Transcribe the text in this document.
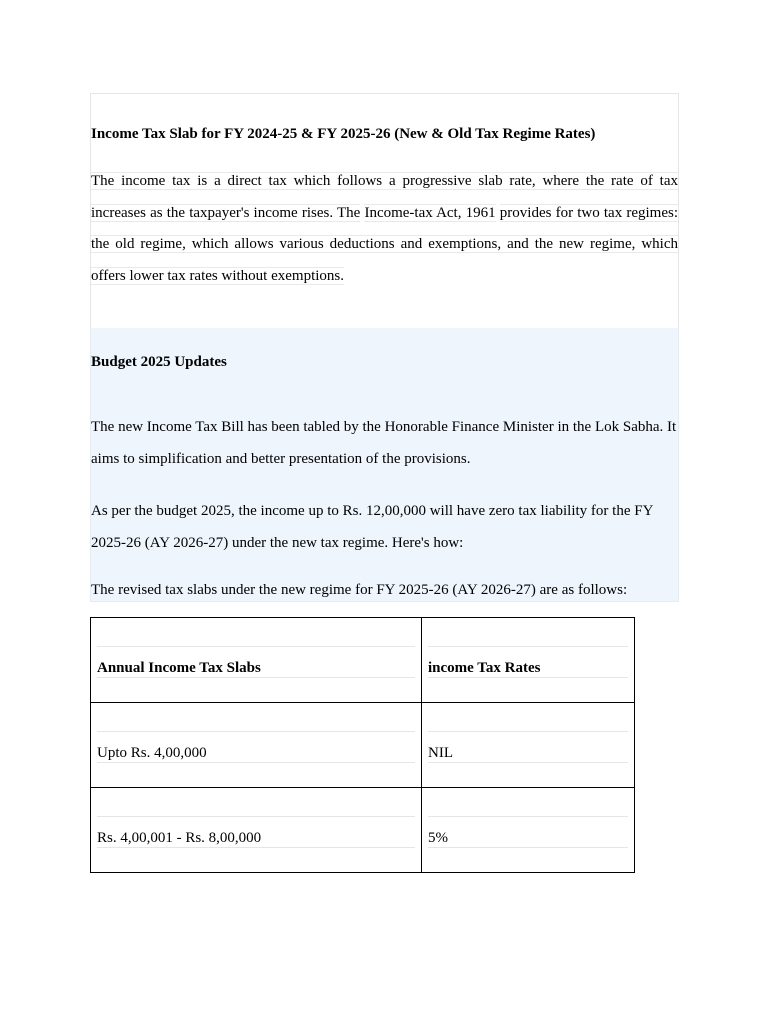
Income Tax Slab for FY 2024-25 & FY 2025-26 (New & Old Tax Regime Rates)

The income tax is a direct tax which follows a progressive slab rate, where the rate of tax increases as the taxpayer's income rises. The Income-tax Act, 1961 provides for two tax regimes: the old regime, which allows various deductions and exemptions, and the new regime, which offers lower tax rates without exemptions.

Budget 2025 Updates

The new Income Tax Bill has been tabled by the Honorable Finance Minister in the Lok Sabha. It aims to simplification and better presentation of the provisions.

As per the budget 2025, the income up to Rs. 12,00,000 will have zero tax liability for the FY 2025-26 (AY 2026-27) under the new tax regime. Here's how:

The revised tax slabs under the new regime for FY 2025-26 (AY 2026-27) are as follows:

Annual Income Tax Slabs	income Tax Rates

Upto Rs. 4,00,000	NIL

Rs. 4,00,001 - Rs. 8,00,000	5%
